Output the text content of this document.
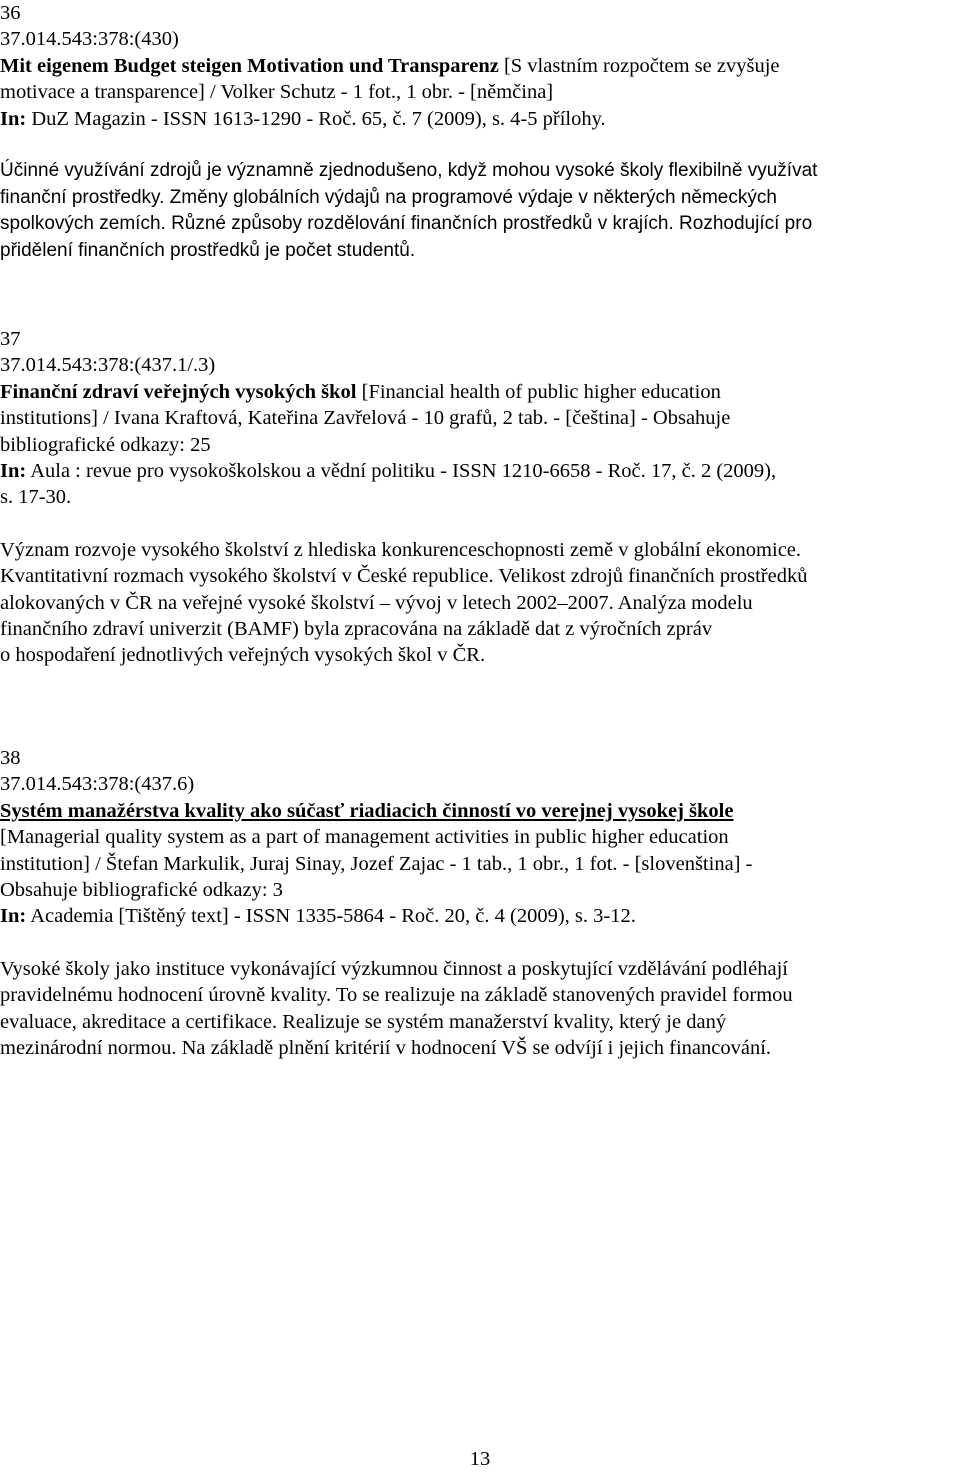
36
37.014.543:378:(430)
Mit eigenem Budget steigen Motivation und Transparenz [S vlastním rozpočtem se zvyšuje
motivace a transparence] / Volker Schutz - 1 fot., 1 obr. - [němčina]
In: DuZ Magazin - ISSN 1613-1290 - Roč. 65, č. 7 (2009), s. 4-5 přílohy.
Účinné využívání zdrojů je významně zjednodušeno, když mohou vysoké školy flexibilně využívat
finanční prostředky. Změny globálních výdajů na programové výdaje v některých německých
spolkových zemích. Různé způsoby rozdělování finančních prostředků v krajích. Rozhodující pro
přidělení finančních prostředků je počet studentů.
37
37.014.543:378:(437.1/.3)
Finanční zdraví veřejných vysokých škol [Financial health of public higher education
institutions] / Ivana Kraftová, Kateřina Zavřelová - 10 grafů, 2 tab. - [čeština] - Obsahuje
bibliografické odkazy: 25
In: Aula : revue pro vysokoškolskou a vědní politiku - ISSN 1210-6658 - Roč. 17, č. 2 (2009),
s. 17-30.
Význam rozvoje vysokého školství z hlediska konkurenceschopnosti země v globální ekonomice.
Kvantitativní rozmach vysokého školství v České republice. Velikost zdrojů finančních prostředků
alokovaných v ČR na veřejné vysoké školství – vývoj v letech 2002–2007. Analýza modelu
finančního zdraví univerzit (BAMF) byla zpracována na základě dat z výročních zpráv
o hospodaření jednotlivých veřejných vysokých škol v ČR.
38
37.014.543:378:(437.6)
Systém manažérstva kvality ako súčasť riadiacich činností vo verejnej vysokej škole
[Managerial quality system as a part of management activities in public higher education
institution] / Štefan Markulik, Juraj Sinay, Jozef Zajac - 1 tab., 1 obr., 1 fot. - [slovenština] -
Obsahuje bibliografické odkazy: 3
In: Academia [Tištěný text] - ISSN 1335-5864 - Roč. 20, č. 4 (2009), s. 3-12.
Vysoké školy jako instituce vykonávající výzkumnou činnost a poskytující vzdělávání podléhají
pravidelnému hodnocení úrovně kvality. To se realizuje na základě stanovených pravidel formou
evaluace, akreditace a certifikace. Realizuje se systém manažerství kvality, který je daný
mezinárodní normou. Na základě plnění kritérií v hodnocení VŠ se odvíjí i jejich financování.
13
